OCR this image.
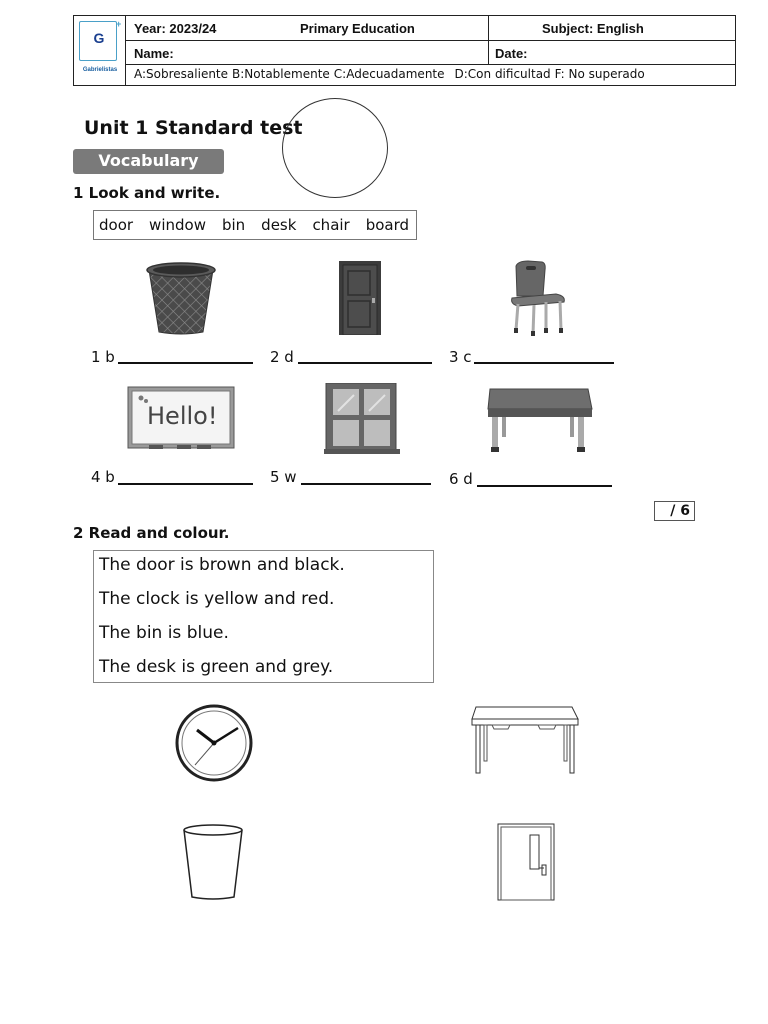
G
+
Gabrielistas
Year: 2023/24	Primary Education	Subject: English
Name:	Date:
A:Sobresaliente B:Notablemente C:Adecuadamente D:Con dificultad F: No superado
Unit 1 Standard test
Vocabulary
1 Look and write.
door window bin desk chair board
1 b	2 d	3 c
Hello!
4 b	5 w	6 d
/ 6
2 Read and colour.
The door is brown and black.
The clock is yellow and red.
The bin is blue.
The desk is green and grey.
